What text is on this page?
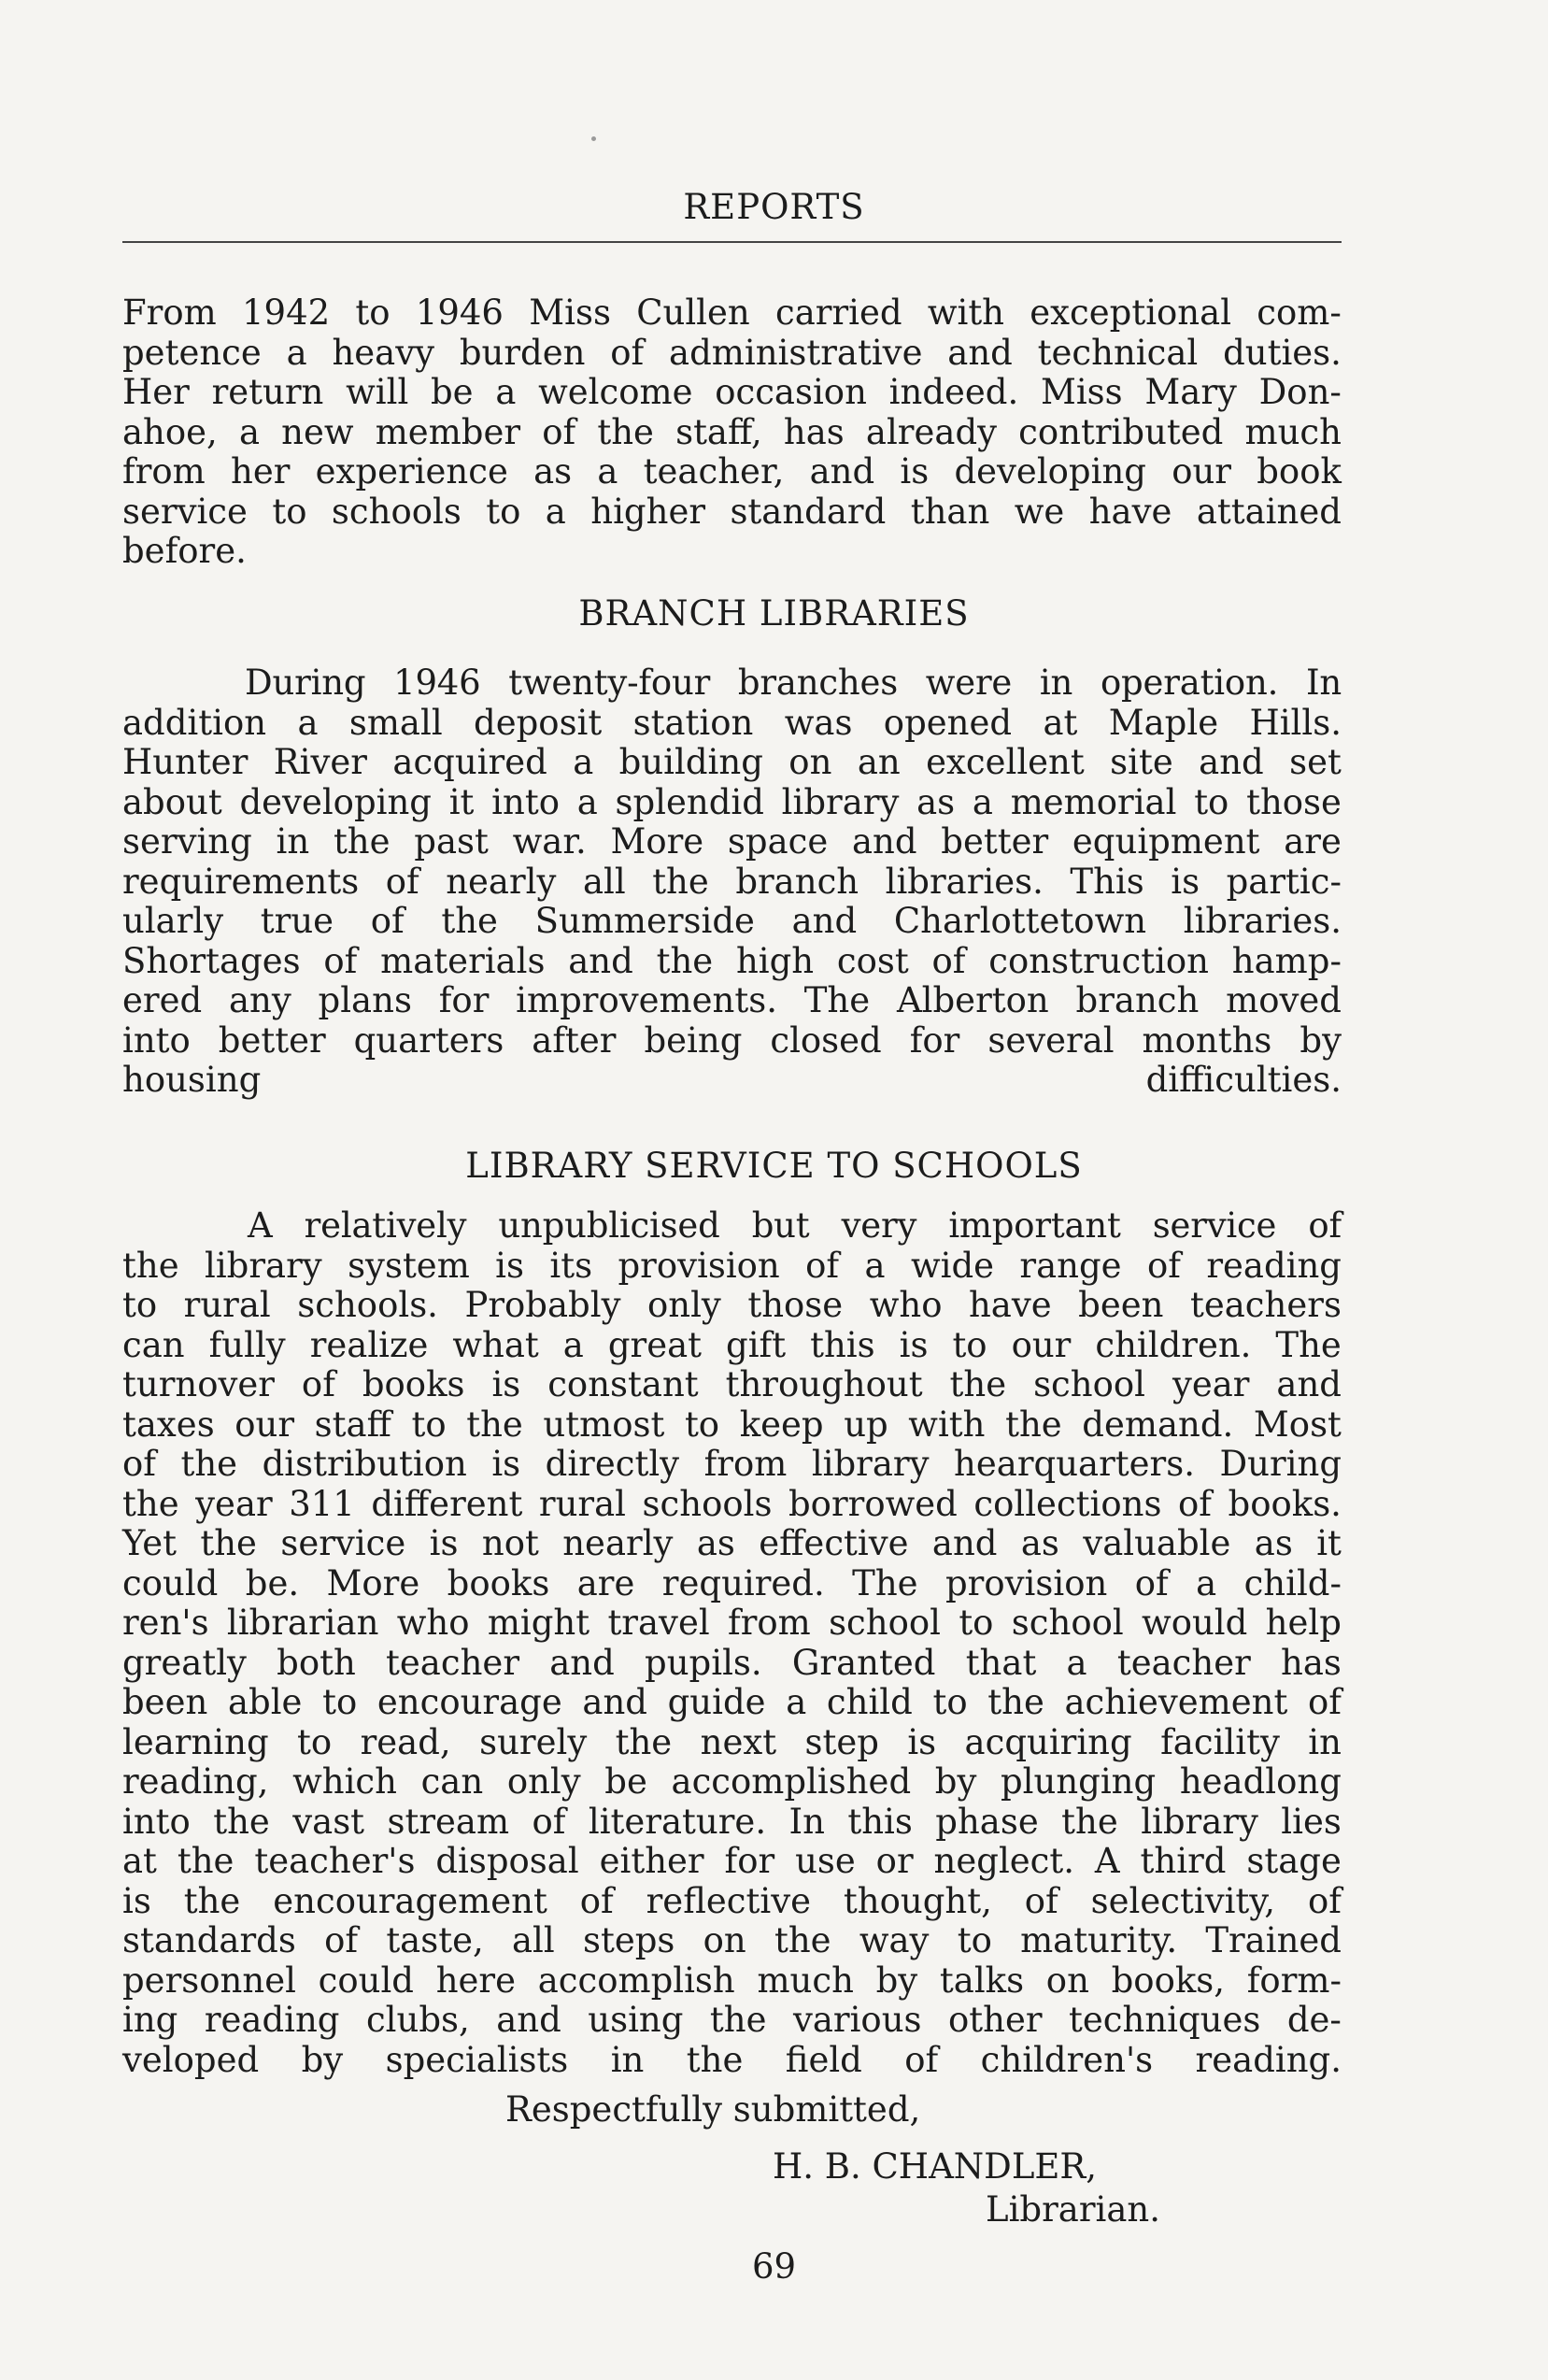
REPORTS
From 1942 to 1946 Miss Cullen carried with exceptional com-
petence a heavy burden of administrative and technical duties.
Her return will be a welcome occasion indeed. Miss Mary Don-
ahoe, a new member of the staff, has already contributed much
from her experience as a teacher, and is developing our book
service to schools to a higher standard than we have attained
before.
BRANCH LIBRARIES
During 1946 twenty-four branches were in operation. In
addition a small deposit station was opened at Maple Hills.
Hunter River acquired a building on an excellent site and set
about developing it into a splendid library as a memorial to those
serving in the past war. More space and better equipment are
requirements of nearly all the branch libraries. This is partic-
ularly true of the Summerside and Charlottetown libraries.
Shortages of materials and the high cost of construction hamp-
ered any plans for improvements. The Alberton branch moved
into better quarters after being closed for several months by
housing difficulties.
LIBRARY SERVICE TO SCHOOLS
A relatively unpublicised but very important service of
the library system is its provision of a wide range of reading
to rural schools. Probably only those who have been teachers
can fully realize what a great gift this is to our children. The
turnover of books is constant throughout the school year and
taxes our staff to the utmost to keep up with the demand. Most
of the distribution is directly from library hearquarters. During
the year 311 different rural schools borrowed collections of books.
Yet the service is not nearly as effective and as valuable as it
could be. More books are required. The provision of a child-
ren's librarian who might travel from school to school would help
greatly both teacher and pupils. Granted that a teacher has
been able to encourage and guide a child to the achievement of
learning to read, surely the next step is acquiring facility in
reading, which can only be accomplished by plunging headlong
into the vast stream of literature. In this phase the library lies
at the teacher's disposal either for use or neglect. A third stage
is the encouragement of reflective thought, of selectivity, of
standards of taste, all steps on the way to maturity. Trained
personnel could here accomplish much by talks on books, form-
ing reading clubs, and using the various other techniques de-
veloped by specialists in the field of children's reading.
Respectfully submitted,
H. B. CHANDLER,
Librarian.
69
